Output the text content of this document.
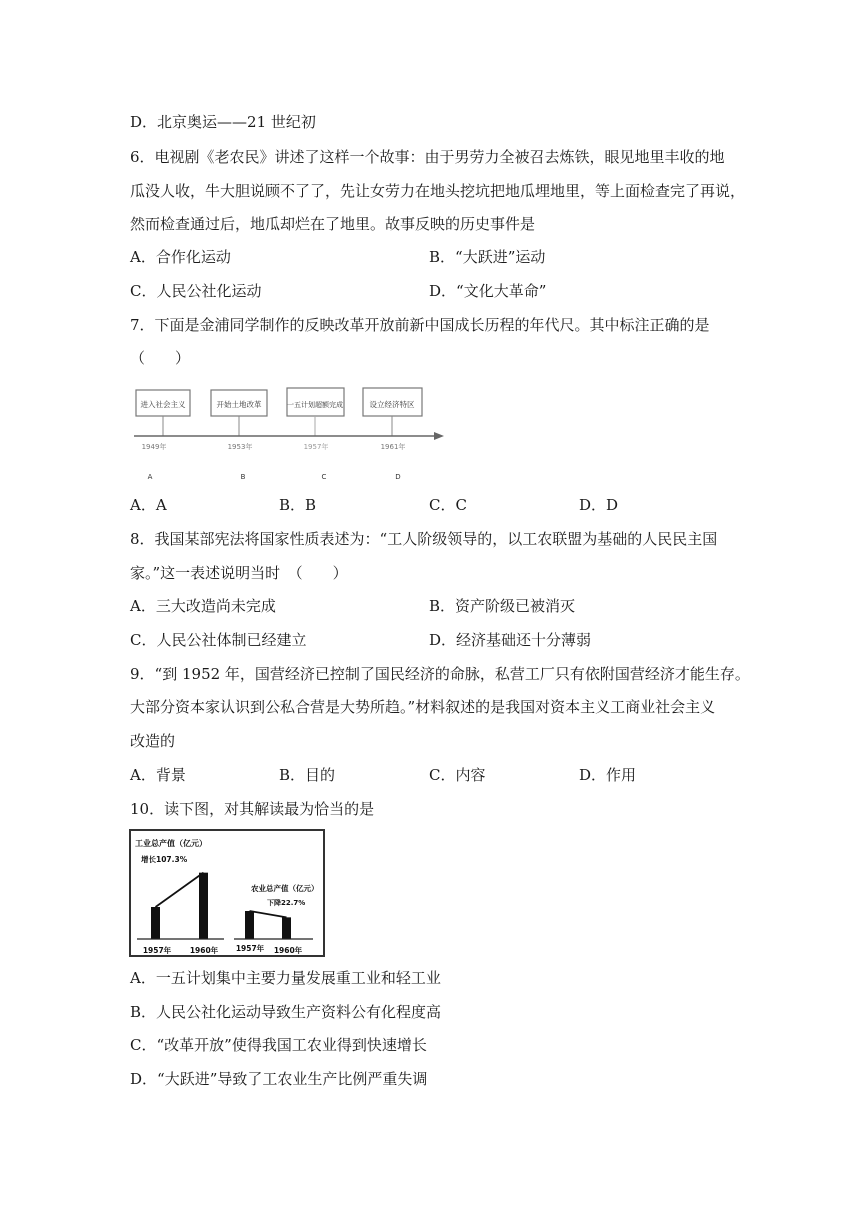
D．北京奥运——21 世纪初
6．电视剧《老农民》讲述了这样一个故事：由于男劳力全被召去炼铁，眼见地里丰收的地
瓜没人收，牛大胆说顾不了了，先让女劳力在地头挖坑把地瓜埋地里，等上面检查完了再说，
然而检查通过后，地瓜却烂在了地里。故事反映的历史事件是
A．合作化运动	B．“大跃进”运动
C．人民公社化运动	D．“文化大革命”
7．下面是金浦同学制作的反映改革开放前新中国成长历程的年代尺。其中标注正确的是
（　　）
进入社会主义
1949年
A
开始土地改革
1953年
B
一五计划超额完成
1957年
C
设立经济特区
1961年
D
A．A	B．B	C．C	D．D
8．我国某部宪法将国家性质表述为：“工人阶级领导的，以工农联盟为基础的人民民主国
家。”这一表述说明当时　（　　）
A．三大改造尚未完成	B．资产阶级已被消灭
C．人民公社体制已经建立	D．经济基础还十分薄弱
9．“到 1952 年，国营经济已控制了国民经济的命脉，私营工厂只有依附国营经济才能生存。
大部分资本家认识到公私合营是大势所趋。”材料叙述的是我国对资本主义工商业社会主义
改造的
A．背景	B．目的	C．内容	D．作用
10．读下图，对其解读最为恰当的是
工业总产值（亿元）
增长107.3%
农业总产值（亿元）
下降22.7%
1957年 1960年 1957年 1960年
A．一五计划集中主要力量发展重工业和轻工业
B．人民公社化运动导致生产资料公有化程度高
C．“改革开放”使得我国工农业得到快速增长
D．“大跃进”导致了工农业生产比例严重失调
